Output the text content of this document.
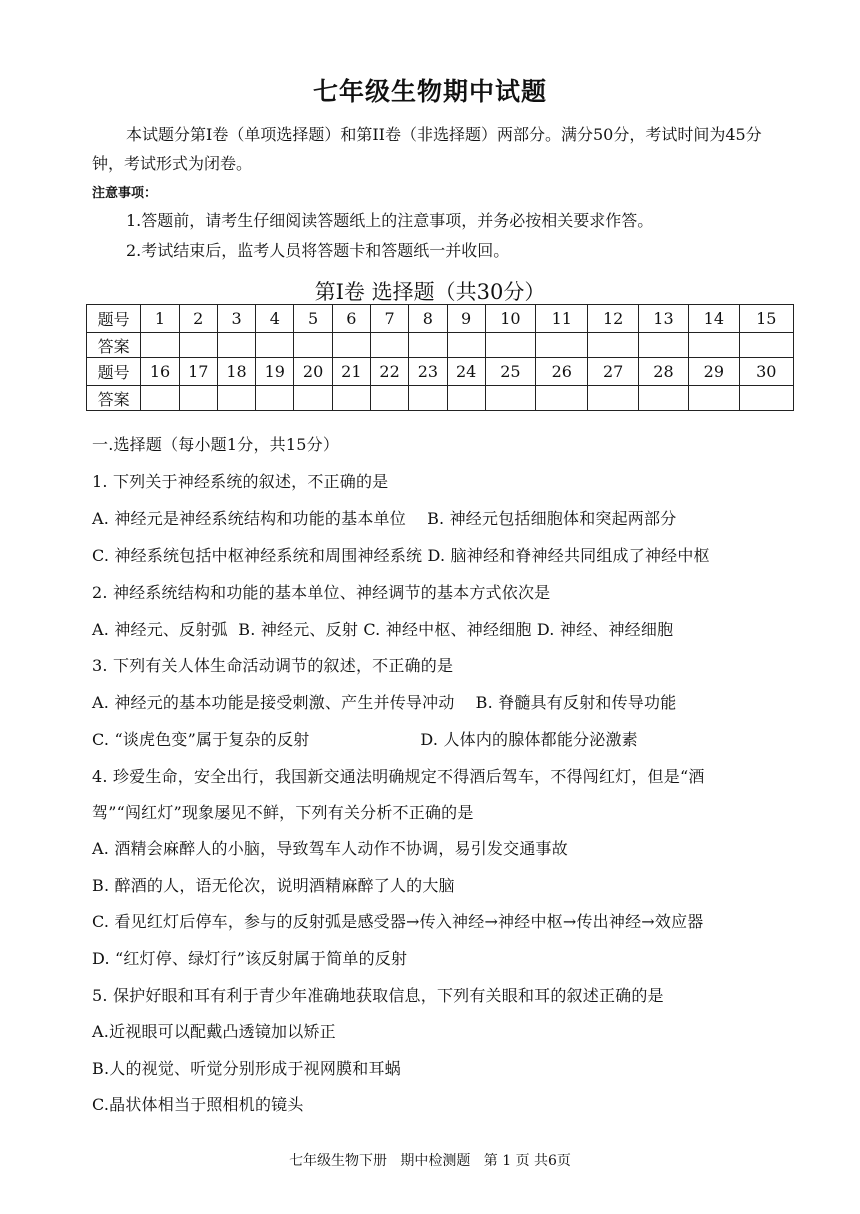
七年级生物期中试题
本试题分第I卷（单项选择题）和第II卷（非选择题）两部分。满分50分，考试时间为45分钟，考试形式为闭卷。
注意事项：
1.答题前，请考生仔细阅读答题纸上的注意事项，并务必按相关要求作答。
2.考试结束后，监考人员将答题卡和答题纸一并收回。
第I卷 选择题（共30分）
题号	1	2	3	4	5	6	7	8	9	10	11	12	13	14	15
答案															
题号	16	17	18	19	20	21	22	23	24	25	26	27	28	29	30
答案															
一.选择题（每小题1分，共15分）
1. 下列关于神经系统的叙述，不正确的是
A. 神经元是神经系统结构和功能的基本单位    B. 神经元包括细胞体和突起两部分
C. 神经系统包括中枢神经系统和周围神经系统 D. 脑神经和脊神经共同组成了神经中枢
2. 神经系统结构和功能的基本单位、神经调节的基本方式依次是
A. 神经元、反射弧  B. 神经元、反射 C. 神经中枢、神经细胞 D. 神经、神经细胞
3. 下列有关人体生命活动调节的叙述，不正确的是
A. 神经元的基本功能是接受刺激、产生并传导冲动    B. 脊髓具有反射和传导功能
C. “谈虎色变”属于复杂的反射                     D. 人体内的腺体都能分泌激素
4. 珍爱生命，安全出行，我国新交通法明确规定不得酒后驾车，不得闯红灯，但是“酒
驾”“闯红灯”现象屡见不鲜，下列有关分析不正确的是
A. 酒精会麻醉人的小脑，导致驾车人动作不协调，易引发交通事故
B. 醉酒的人，语无伦次，说明酒精麻醉了人的大脑
C. 看见红灯后停车，参与的反射弧是感受器→传入神经→神经中枢→传出神经→效应器
D. “红灯停、绿灯行”该反射属于简单的反射
5. 保护好眼和耳有利于青少年准确地获取信息，下列有关眼和耳的叙述正确的是
A.近视眼可以配戴凸透镜加以矫正
B.人的视觉、听觉分别形成于视网膜和耳蜗
C.晶状体相当于照相机的镜头
七年级生物下册   期中检测题   第 1 页 共6页
